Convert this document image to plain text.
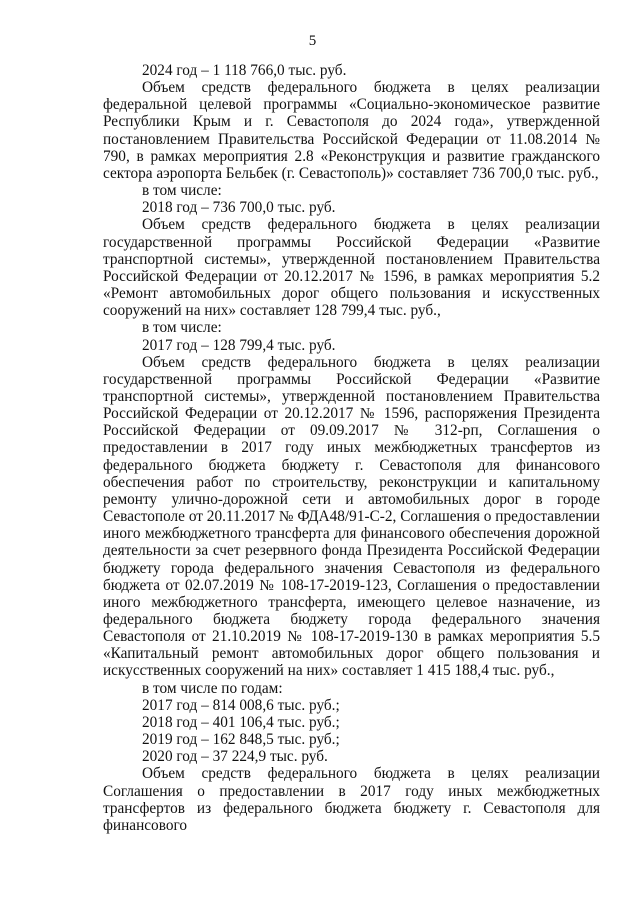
5

2024 год – 1 118 766,0 тыс. руб.

Объем средств федерального бюджета в целях реализации федеральной целевой программы «Социально-экономическое развитие Республики Крым и г. Севастополя до 2024 года», утвержденной постановлением Правительства Российской Федерации от 11.08.2014 № 790, в рамках мероприятия 2.8 «Реконструкция и развитие гражданского сектора аэропорта Бельбек (г. Севастополь)» составляет 736 700,0 тыс. руб.,

в том числе:

2018 год – 736 700,0 тыс. руб.

Объем средств федерального бюджета в целях реализации государственной программы Российской Федерации «Развитие транспортной системы», утвержденной постановлением Правительства Российской Федерации от 20.12.2017 № 1596, в рамках мероприятия 5.2 «Ремонт автомобильных дорог общего пользования и искусственных сооружений на них» составляет 128 799,4 тыс. руб.,

в том числе:

2017 год – 128 799,4 тыс. руб.

Объем средств федерального бюджета в целях реализации государственной программы Российской Федерации «Развитие транспортной системы», утвержденной постановлением Правительства Российской Федерации от 20.12.2017 № 1596, распоряжения Президента Российской Федерации от 09.09.2017 № 312-рп, Соглашения о предоставлении в 2017 году иных межбюджетных трансфертов из федерального бюджета бюджету г. Севастополя для финансового обеспечения работ по строительству, реконструкции и капитальному ремонту улично-дорожной сети и автомобильных дорог в городе Севастополе от 20.11.2017 № ФДА48/91-С-2, Соглашения о предоставлении иного межбюджетного трансферта для финансового обеспечения дорожной деятельности за счет резервного фонда Президента Российской Федерации бюджету города федерального значения Севастополя из федерального бюджета от 02.07.2019 № 108-17-2019-123, Соглашения о предоставлении иного межбюджетного трансферта, имеющего целевое назначение, из федерального бюджета бюджету города федерального значения Севастополя от 21.10.2019 № 108-17-2019-130 в рамках мероприятия 5.5 «Капитальный ремонт автомобильных дорог общего пользования и искусственных сооружений на них» составляет 1 415 188,4 тыс. руб.,

в том числе по годам:

2017 год – 814 008,6 тыс. руб.;

2018 год – 401 106,4 тыс. руб.;

2019 год – 162 848,5 тыс. руб.;

2020 год – 37 224,9 тыс. руб.

Объем средств федерального бюджета в целях реализации Соглашения о предоставлении в 2017 году иных межбюджетных трансфертов из федерального бюджета бюджету г. Севастополя для финансового
